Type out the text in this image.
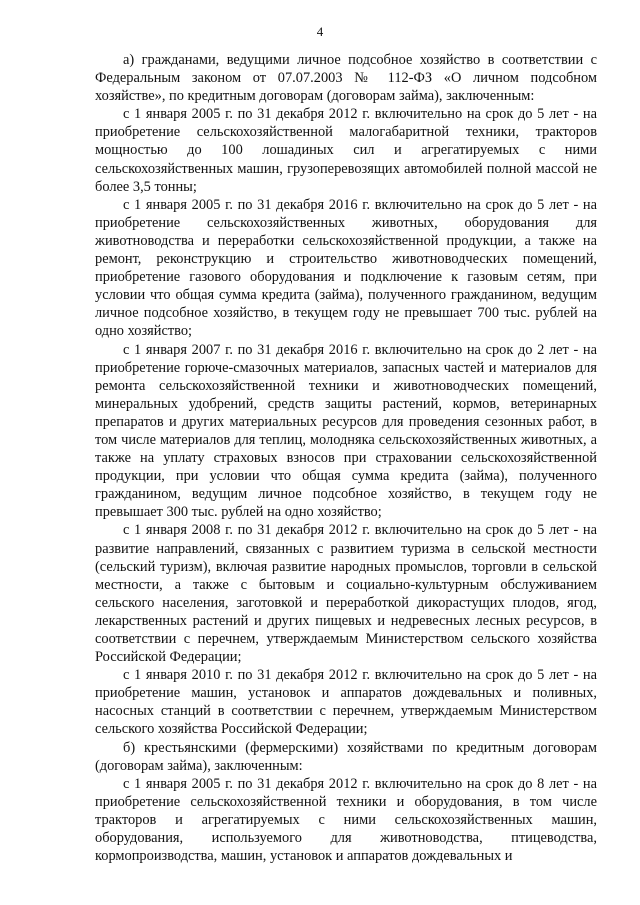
4

а) гражданами, ведущими личное подсобное хозяйство в соответствии с Федеральным законом от 07.07.2003 № 112-ФЗ «О личном подсобном хозяйстве», по кредитным договорам (договорам займа), заключенным:

с 1 января 2005 г. по 31 декабря 2012 г. включительно на срок до 5 лет - на приобретение сельскохозяйственной малогабаритной техники, тракторов мощностью до 100 лошадиных сил и агрегатируемых с ними сельскохозяйственных машин, грузоперевозящих автомобилей полной массой не более 3,5 тонны;

с 1 января 2005 г. по 31 декабря 2016 г. включительно на срок до 5 лет - на приобретение сельскохозяйственных животных, оборудования для животноводства и переработки сельскохозяйственной продукции, а также на ремонт, реконструкцию и строительство животноводческих помещений, приобретение газового оборудования и подключение к газовым сетям, при условии что общая сумма кредита (займа), полученного гражданином, ведущим личное подсобное хозяйство, в текущем году не превышает 700 тыс. рублей на одно хозяйство;

с 1 января 2007 г. по 31 декабря 2016 г. включительно на срок до 2 лет - на приобретение горюче-смазочных материалов, запасных частей и материалов для ремонта сельскохозяйственной техники и животноводческих помещений, минеральных удобрений, средств защиты растений, кормов, ветеринарных препаратов и других материальных ресурсов для проведения сезонных работ, в том числе материалов для теплиц, молодняка сельскохозяйственных животных, а также на уплату страховых взносов при страховании сельскохозяйственной продукции, при условии что общая сумма кредита (займа), полученного гражданином, ведущим личное подсобное хозяйство, в текущем году не превышает 300 тыс. рублей на одно хозяйство;

с 1 января 2008 г. по 31 декабря 2012 г. включительно на срок до 5 лет - на развитие направлений, связанных с развитием туризма в сельской местности (сельский туризм), включая развитие народных промыслов, торговли в сельской местности, а также с бытовым и социально-культурным обслуживанием сельского населения, заготовкой и переработкой дикорастущих плодов, ягод, лекарственных растений и других пищевых и недревесных лесных ресурсов, в соответствии с перечнем, утверждаемым Министерством сельского хозяйства Российской Федерации;

с 1 января 2010 г. по 31 декабря 2012 г. включительно на срок до 5 лет - на приобретение машин, установок и аппаратов дождевальных и поливных, насосных станций в соответствии с перечнем, утверждаемым Министерством сельского хозяйства Российской Федерации;

б) крестьянскими (фермерскими) хозяйствами по кредитным договорам (договорам займа), заключенным:

с 1 января 2005 г. по 31 декабря 2012 г. включительно на срок до 8 лет - на приобретение сельскохозяйственной техники и оборудования, в том числе тракторов и агрегатируемых с ними сельскохозяйственных машин, оборудования, используемого для животноводства, птицеводства, кормопроизводства, машин, установок и аппаратов дождевальных и
